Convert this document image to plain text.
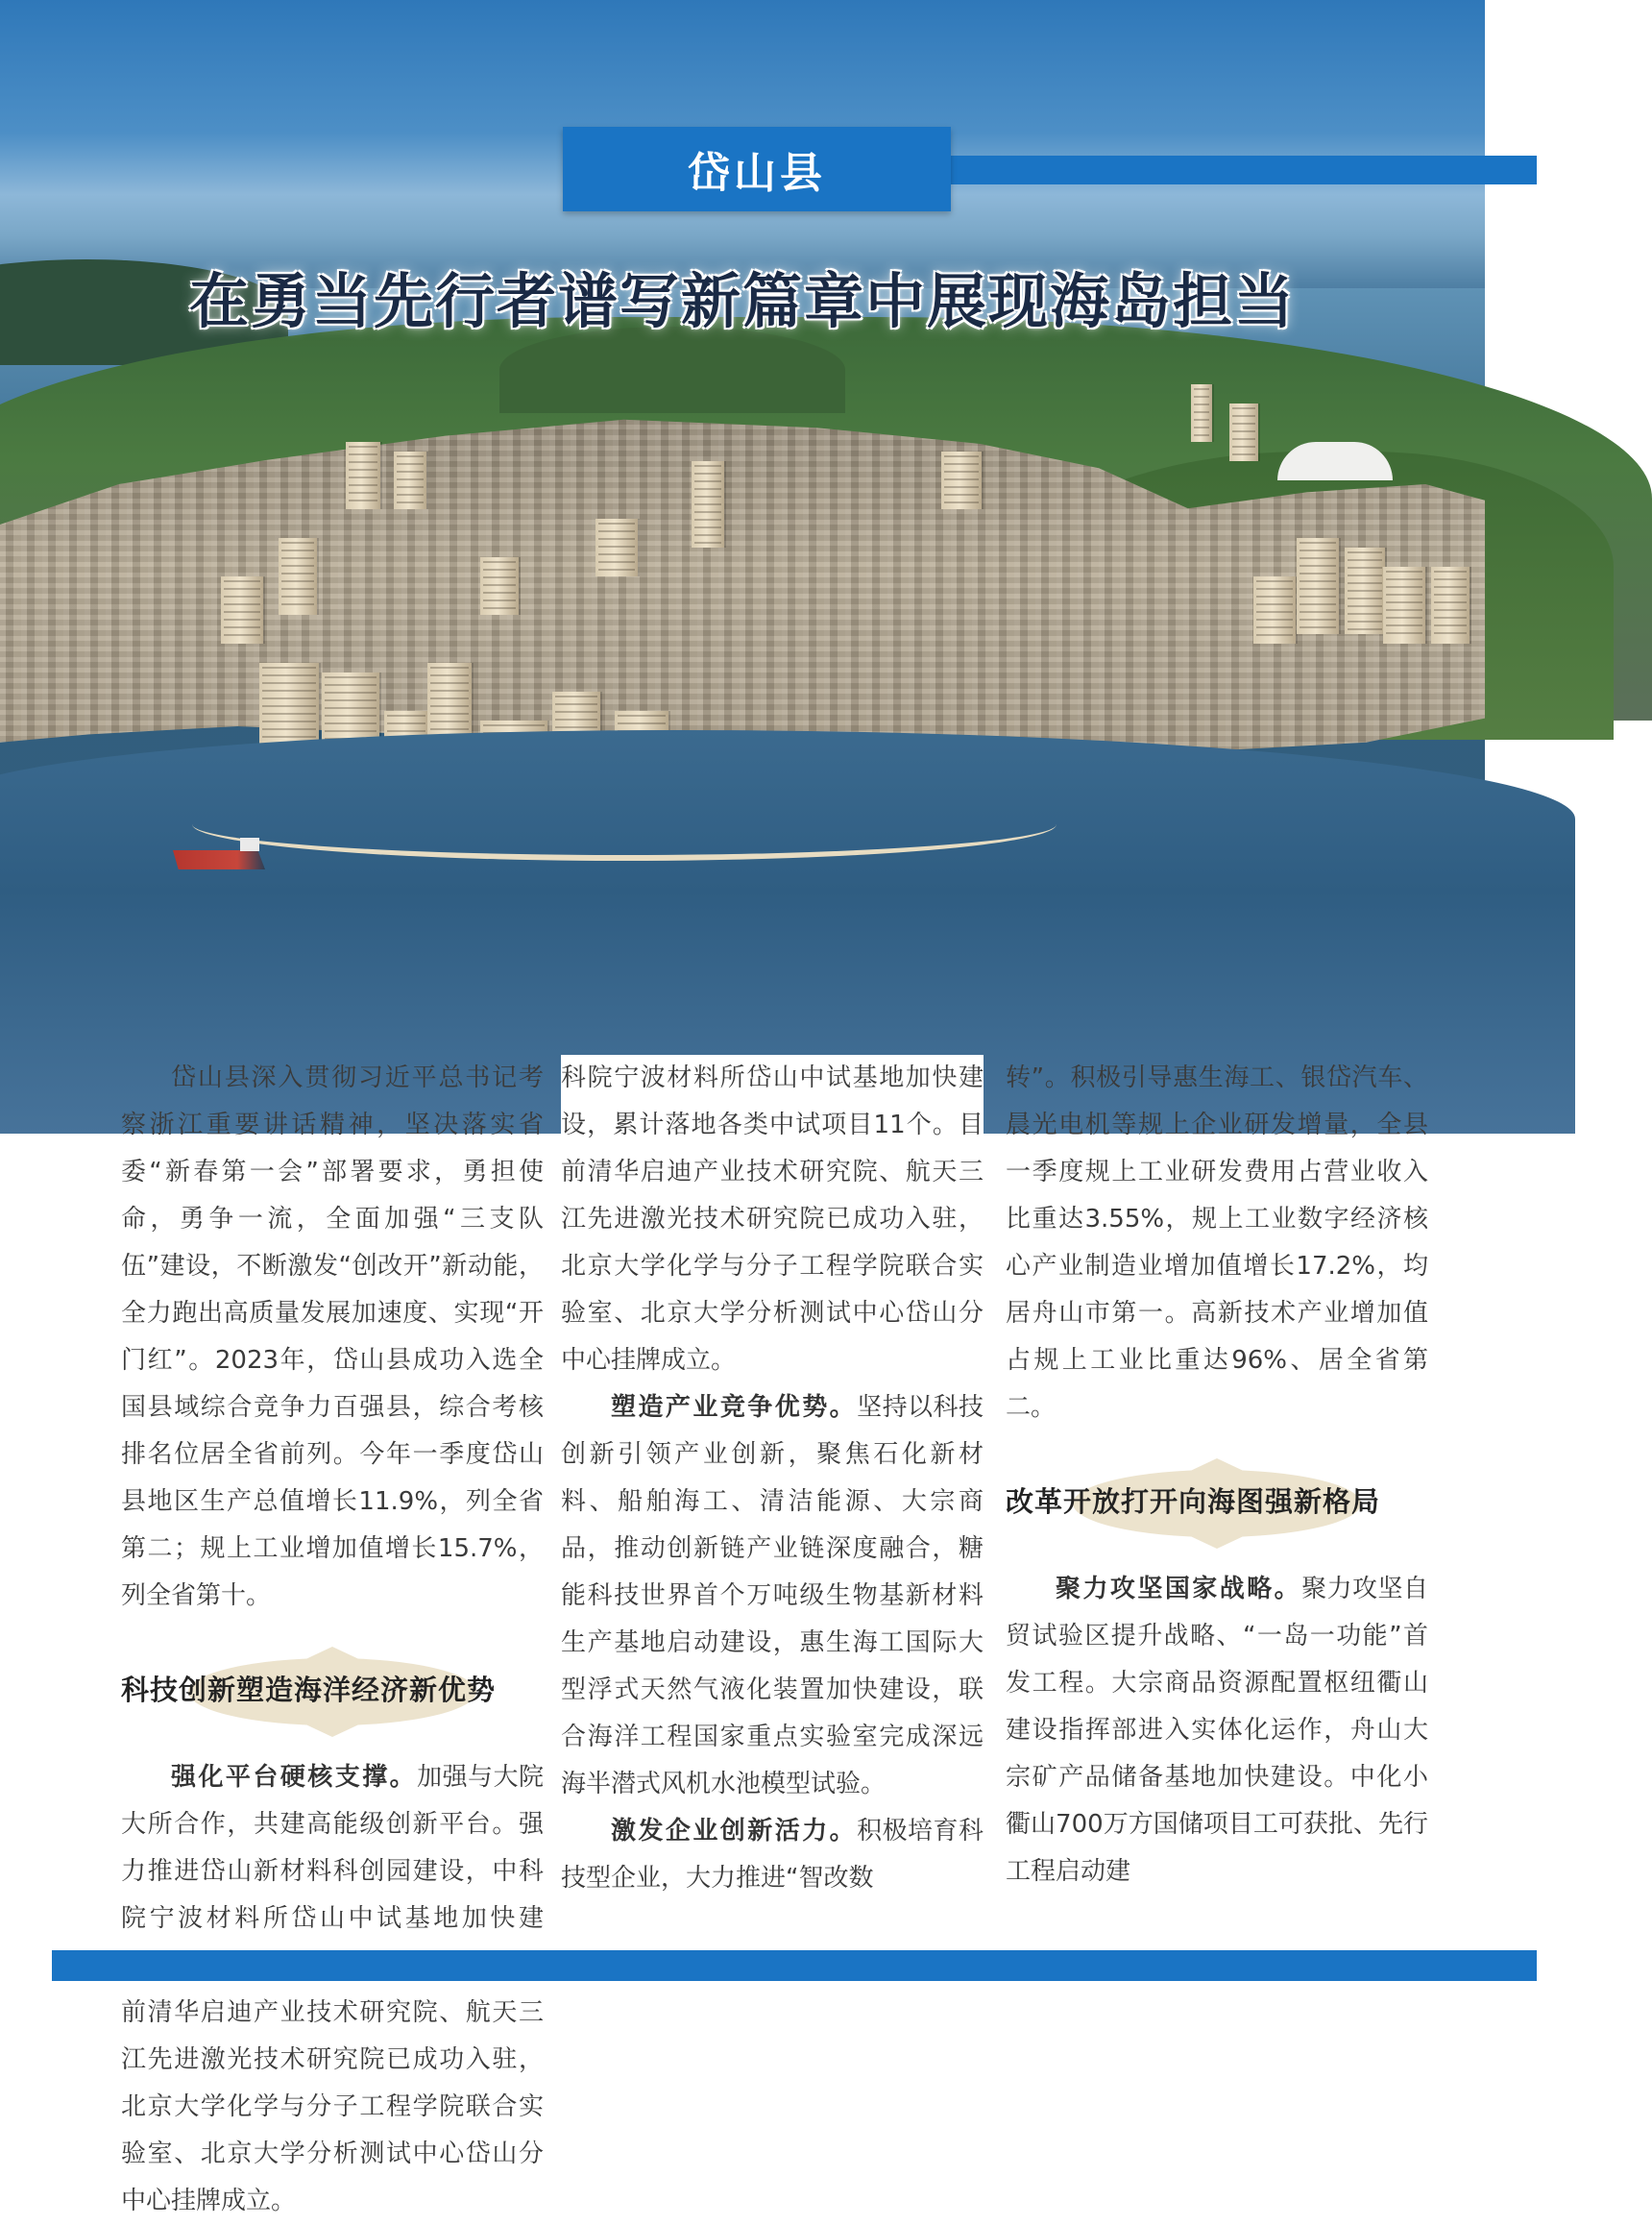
岱山县
在勇当先行者谱写新篇章中展现海岛担当

岱山县深入贯彻习近平总书记考察浙江重要讲话精神，坚决落实省委“新春第一会”部署要求，勇担使命，勇争一流，全面加强“三支队伍”建设，不断激发“创改开”新动能，全力跑出高质量发展加速度、实现“开门红”。2023年，岱山县成功入选全国县域综合竞争力百强县，综合考核排名位居全省前列。今年一季度岱山县地区生产总值增长11.9%，列全省第二；规上工业增加值增长15.7%，列全省第十。

科技创新塑造海洋经济新优势

强化平台硬核支撑。加强与大院大所合作，共建高能级创新平台。强力推进岱山新材料科创园建设，中科院宁波材料所岱山中试基地加快建 前清华启迪产业技术研究院、航天三江先进激光技术研究院已成功入驻，北京大学化学与分子工程学院联合实验室、北京大学分析测试中心岱山分中心挂牌成立。

科院宁波材料所岱山中试基地加快建设，累计落地各类中试项目11个。目前清华启迪产业技术研究院、航天三江先进激光技术研究院已成功入驻，北京大学化学与分子工程学院联合实验室、北京大学分析测试中心岱山分中心挂牌成立。

塑造产业竞争优势。坚持以科技创新引领产业创新，聚焦石化新材料、船舶海工、清洁能源、大宗商品，推动创新链产业链深度融合，糖能科技世界首个万吨级生物基新材料生产基地启动建设，惠生海工国际大型浮式天然气液化装置加快建设，联合海洋工程国家重点实验室完成深远海半潜式风机水池模型试验。

激发企业创新活力。积极培育科技型企业，大力推进“智改数

转”。积极引导惠生海工、银岱汽车、晨光电机等规上企业研发增量，全县一季度规上工业研发费用占营业收入比重达3.55%，规上工业数字经济核心产业制造业增加值增长17.2%，均居舟山市第一。高新技术产业增加值占规上工业比重达96%、居全省第二。

改革开放打开向海图强新格局

聚力攻坚国家战略。聚力攻坚自贸试验区提升战略、“一岛一功能”首发工程。大宗商品资源配置枢纽衢山建设指挥部进入实体化运作，舟山大宗矿产品储备基地加快建设。中化小衢山700万方国储项目工可获批、先行工程启动建
